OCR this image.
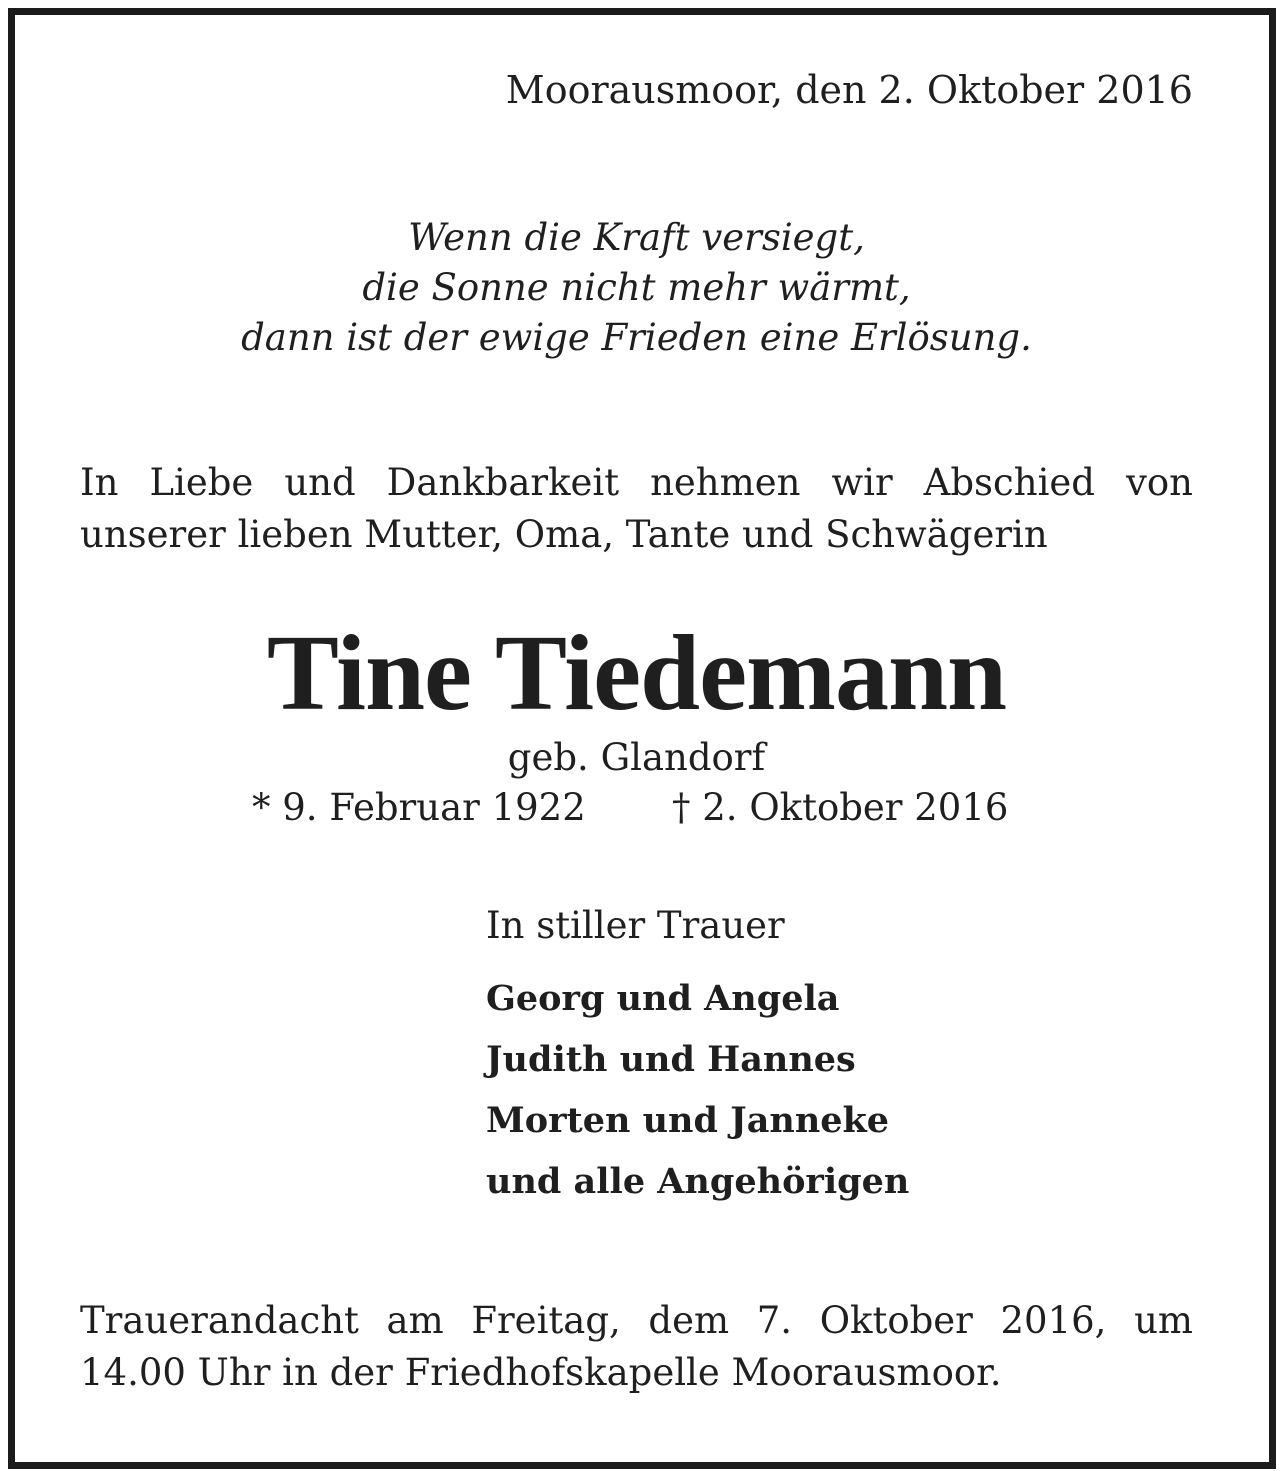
Moorausmoor, den 2. Oktober 2016
Wenn die Kraft versiegt,
die Sonne nicht mehr wärmt,
dann ist der ewige Frieden eine Erlösung.
In Liebe und Dankbarkeit nehmen wir Abschied von
unserer lieben Mutter, Oma, Tante und Schwägerin
Tine Tiedemann
geb. Glandorf
* 9. Februar 1922 † 2. Oktober 2016
In stiller Trauer
Georg und Angela
Judith und Hannes
Morten und Janneke
und alle Angehörigen
Trauerandacht am Freitag, dem 7. Oktober 2016, um
14.00 Uhr in der Friedhofskapelle Moorausmoor.
